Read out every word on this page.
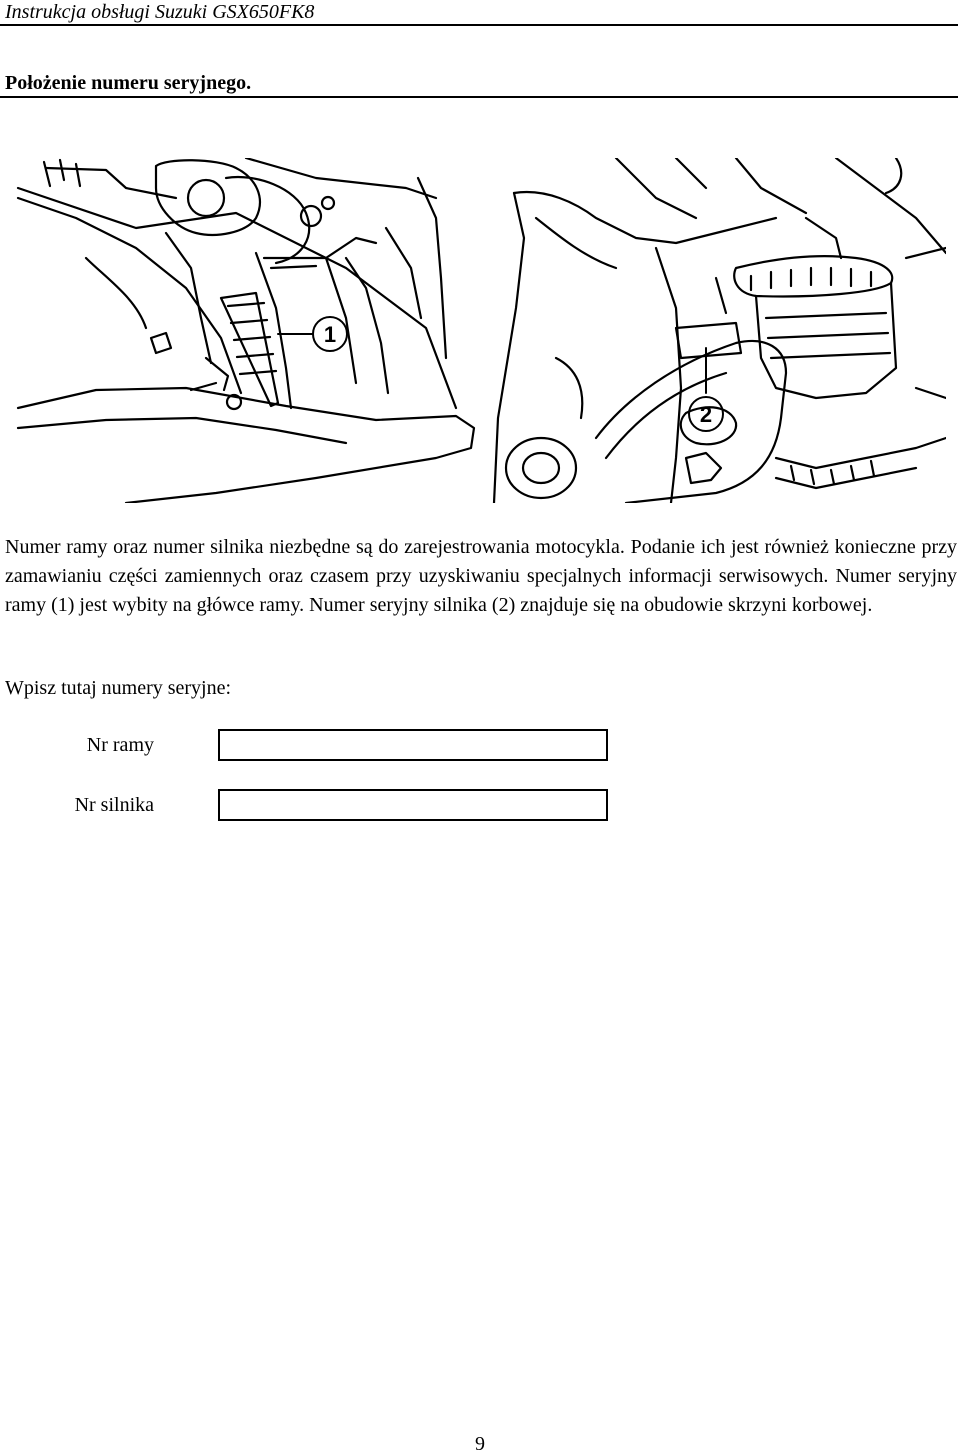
Instrukcja obsługi Suzuki GSX650FK8
Położenie numeru seryjnego.
1
2

Numer ramy oraz numer silnika niezbędne są do zarejestrowania motocykla. Podanie ich jest również konieczne przy zamawianiu części zamiennych oraz czasem przy uzyskiwaniu specjalnych informacji serwisowych. Numer seryjny ramy (1) jest wybity na główce ramy. Numer seryjny silnika (2) znajduje się na obudowie skrzyni korbowej.

Wpisz tutaj numery seryjne:
Nr ramy
Nr silnika
9
